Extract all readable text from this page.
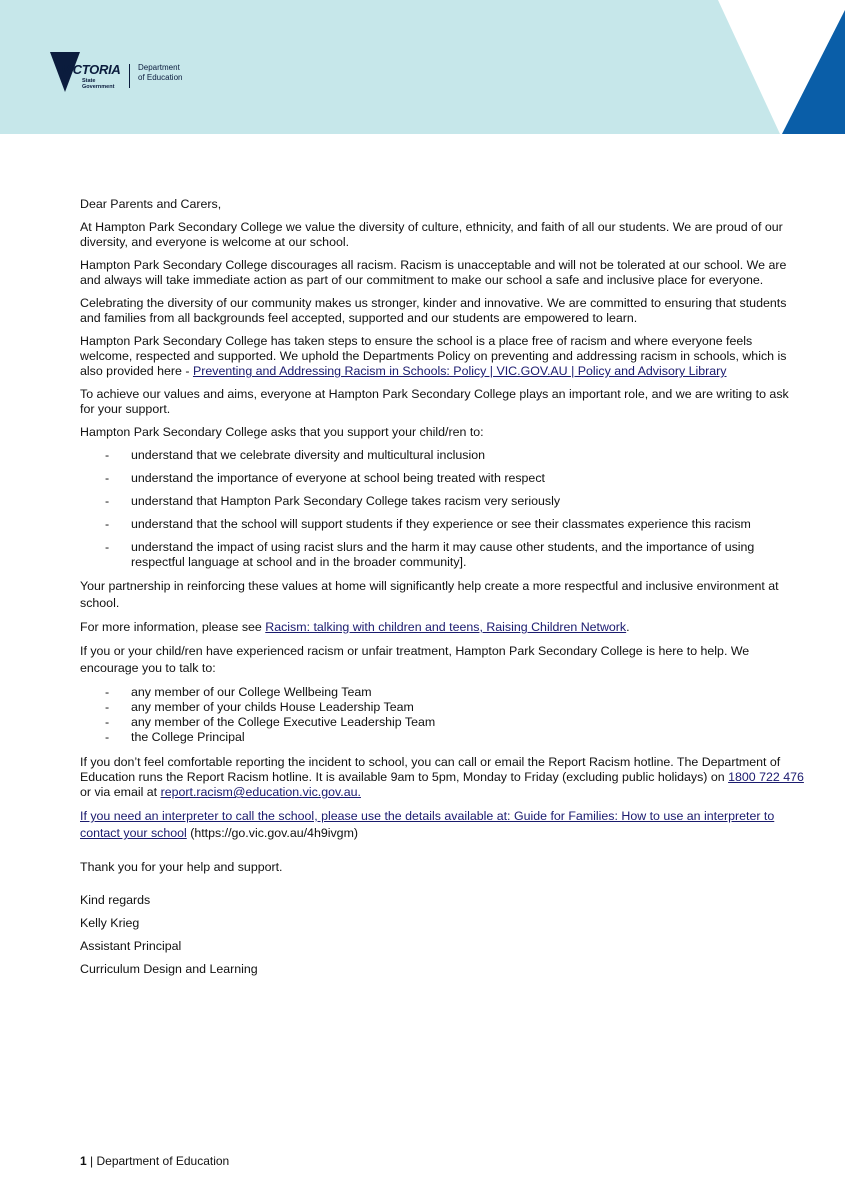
VICTORIA
State
Government
Department
of Education

Dear Parents and Carers,

At Hampton Park Secondary College we value the diversity of culture, ethnicity, and faith of all our students. We are proud of our diversity, and everyone is welcome at our school.

Hampton Park Secondary College discourages all racism. Racism is unacceptable and will not be tolerated at our school. We are and always will take immediate action as part of our commitment to make our school a safe and inclusive place for everyone.

Celebrating the diversity of our community makes us stronger, kinder and innovative. We are committed to ensuring that students and families from all backgrounds feel accepted, supported and our students are empowered to learn.

Hampton Park Secondary College has taken steps to ensure the school is a place free of racism and where everyone feels welcome, respected and supported. We uphold the Departments Policy on preventing and addressing racism in schools, which is also provided here - Preventing and Addressing Racism in Schools: Policy | VIC.GOV.AU | Policy and Advisory Library

To achieve our values and aims, everyone at Hampton Park Secondary College plays an important role, and we are writing to ask for your support.

Hampton Park Secondary College asks that you support your child/ren to:

- understand that we celebrate diversity and multicultural inclusion
- understand the importance of everyone at school being treated with respect
- understand that Hampton Park Secondary College takes racism very seriously
- understand that the school will support students if they experience or see their classmates experience this racism
- understand the impact of using racist slurs and the harm it may cause other students, and the importance of using respectful language at school and in the broader community].

Your partnership in reinforcing these values at home will significantly help create a more respectful and inclusive environment at school.

For more information, please see Racism: talking with children and teens, Raising Children Network.

If you or your child/ren have experienced racism or unfair treatment, Hampton Park Secondary College is here to help. We encourage you to talk to:

- any member of our College Wellbeing Team
- any member of your childs House Leadership Team
- any member of the College Executive Leadership Team
- the College Principal

If you don’t feel comfortable reporting the incident to school, you can call or email the Report Racism hotline. The Department of Education runs the Report Racism hotline. It is available 9am to 5pm, Monday to Friday (excluding public holidays) on 1800 722 476 or via email at report.racism@education.vic.gov.au.

If you need an interpreter to call the school, please use the details available at: Guide for Families: How to use an interpreter to contact your school (https://go.vic.gov.au/4h9ivgm)

Thank you for your help and support.

Kind regards

Kelly Krieg

Assistant Principal

Curriculum Design and Learning

1 | Department of Education
